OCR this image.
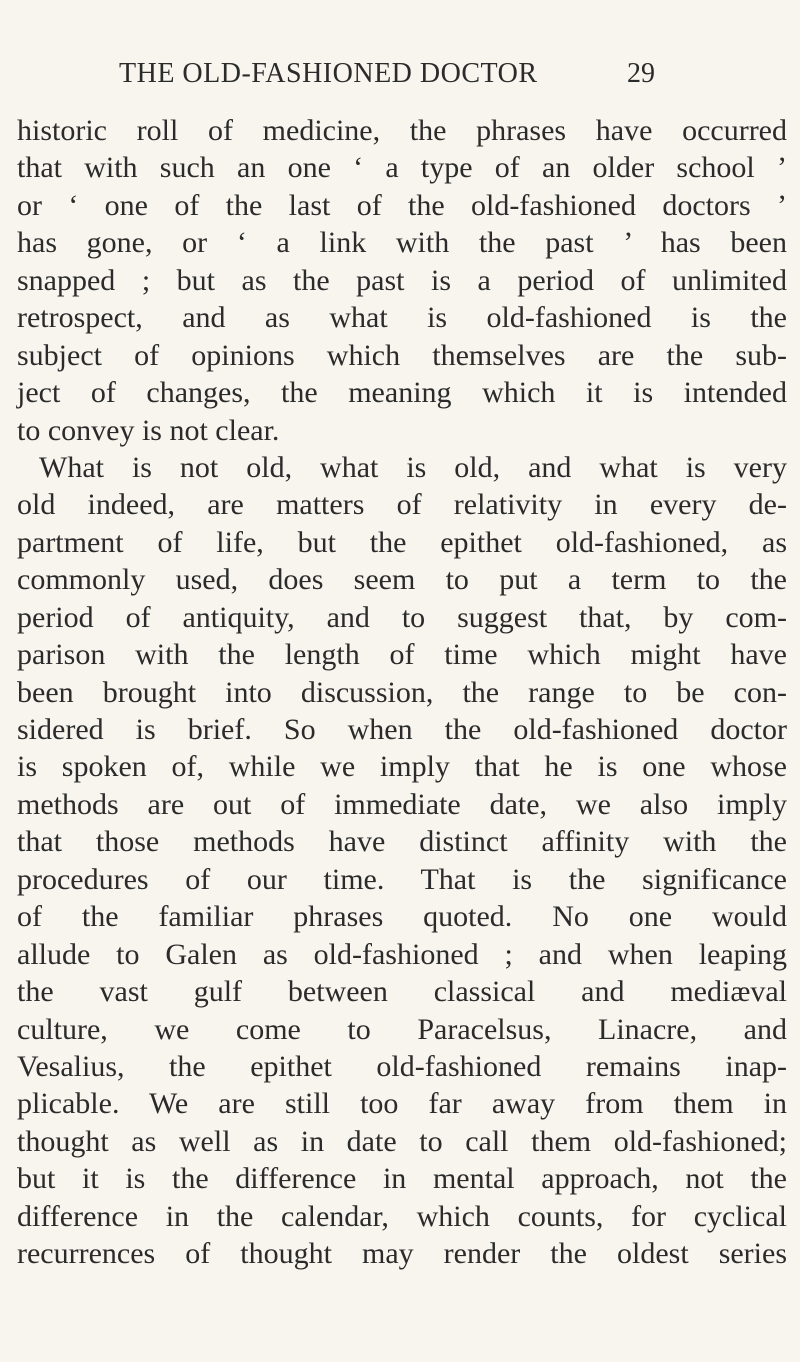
THE OLD-FASHIONED DOCTOR	29
historic roll of medicine, the phrases have occurred
that with such an one ‘ a type of an older school ’
or ‘ one of the last of the old-fashioned doctors ’
has gone, or ‘ a link with the past ’ has been
snapped ; but as the past is a period of unlimited
retrospect, and as what is old-fashioned is the
subject of opinions which themselves are the sub-
ject of changes, the meaning which it is intended
to convey is not clear.
What is not old, what is old, and what is very
old indeed, are matters of relativity in every de-
partment of life, but the epithet old-fashioned, as
commonly used, does seem to put a term to the
period of antiquity, and to suggest that, by com-
parison with the length of time which might have
been brought into discussion, the range to be con-
sidered is brief. So when the old-fashioned doctor
is spoken of, while we imply that he is one whose
methods are out of immediate date, we also imply
that those methods have distinct affinity with the
procedures of our time. That is the significance
of the familiar phrases quoted. No one would
allude to Galen as old-fashioned ; and when leaping
the vast gulf between classical and mediæval
culture, we come to Paracelsus, Linacre, and
Vesalius, the epithet old-fashioned remains inap-
plicable. We are still too far away from them in
thought as well as in date to call them old-fashioned;
but it is the difference in mental approach, not the
difference in the calendar, which counts, for cyclical
recurrences of thought may render the oldest series
